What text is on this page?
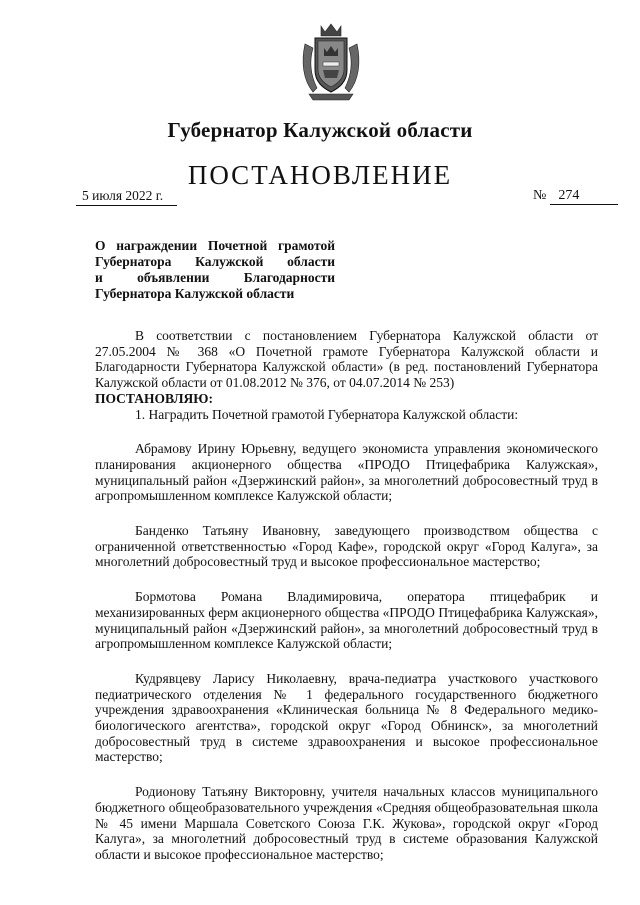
Губернатор Калужской области
ПОСТАНОВЛЕНИЕ
5 июля 2022 г.	№ 274
О награждении Почетной грамотой
Губернатора Калужской области
и объявлении Благодарности
Губернатора Калужской области

В соответствии с постановлением Губернатора Калужской области от 27.05.2004 № 368 «О Почетной грамоте Губернатора Калужской области и Благодарности Губернатора Калужской области» (в ред. постановлений Губернатора Калужской области от 01.08.2012 № 376, от 04.07.2014 № 253)

ПОСТАНОВЛЯЮ:

1. Наградить Почетной грамотой Губернатора Калужской области:

Абрамову Ирину Юрьевну, ведущего экономиста управления экономического планирования акционерного общества «ПРОДО Птицефабрика Калужская», муниципальный район «Дзержинский район», за многолетний добросовестный труд в агропромышленном комплексе Калужской области;

Банденко Татьяну Ивановну, заведующего производством общества с ограниченной ответственностью «Город Кафе», городской округ «Город Калуга», за многолетний добросовестный труд и высокое профессиональное мастерство;

Бормотова Романа Владимировича, оператора птицефабрик и механизированных ферм акционерного общества «ПРОДО Птицефабрика Калужская», муниципальный район «Дзержинский район», за многолетний добросовестный труд в агропромышленном комплексе Калужской области;

Кудрявцеву Ларису Николаевну, врача-педиатра участкового участкового педиатрического отделения № 1 федерального государственного бюджетного учреждения здравоохранения «Клиническая больница № 8 Федерального медико-биологического агентства», городской округ «Город Обнинск», за многолетний добросовестный труд в системе здравоохранения и высокое профессиональное мастерство;

Родионову Татьяну Викторовну, учителя начальных классов муниципального бюджетного общеобразовательного учреждения «Средняя общеобразовательная школа № 45 имени Маршала Советского Союза Г.К. Жукова», городской округ «Город Калуга», за многолетний добросовестный труд в системе образования Калужской области и высокое профессиональное мастерство;
